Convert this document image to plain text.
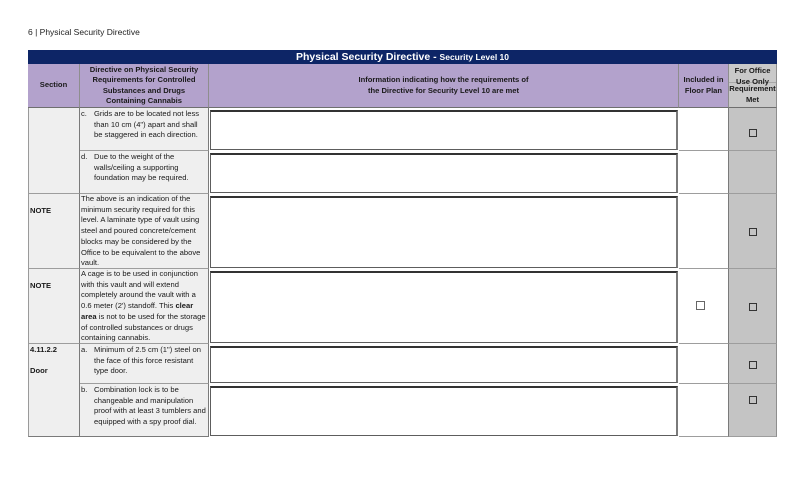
6 | Physical Security Directive
Physical Security Directive - Security Level 10
Section
Directive on Physical Security Requirements for Controlled Substances and Drugs Containing Cannabis
Information indicating how the requirements of
the Directive for Security Level 10 are met
Included in Floor Plan
For Office Use Only
Requirement Met
c. Grids are to be located not less than 10 cm (4") apart and shall be staggered in each direction.
d. Due to the weight of the walls/ceiling a supporting foundation may be required.
NOTE
The above is an indication of the minimum security required for this level. A laminate type of vault using steel and poured concrete/cement blocks may be considered by the Office to be equivalent to the above vault.
NOTE
A cage is to be used in conjunction with this vault and will extend completely around the vault with a 0.6 meter (2') standoff. This clear area is not to be used for the storage of controlled substances or drugs containing cannabis.
4.11.2.2
Door
a. Minimum of 2.5 cm (1") steel on the face of this force resistant type door.
b. Combination lock is to be changeable and manipulation proof with at least 3 tumblers and equipped with a spy proof dial.
